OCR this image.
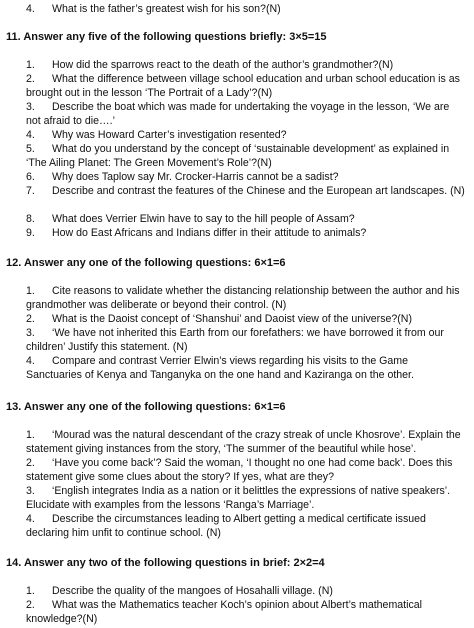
4.	What is the father’s greatest wish for his son?(N)
11. Answer any five of the following questions briefly: 3×5=15
1.	How did the sparrows react to the death of the author’s grandmother?(N)
2.	What the difference between village school education and urban school education is as brought out in the lesson ‘The Portrait of a Lady’?(N)
3.	Describe the boat which was made for undertaking the voyage in the lesson, ‘We are not afraid to die….’
4.	Why was Howard Carter’s investigation resented?
5.	What do you understand by the concept of ‘sustainable development’ as explained in ‘The Ailing Planet: The Green Movement’s Role’?(N)
6.	Why does Taplow say Mr. Crocker-Harris cannot be a sadist?
7.	Describe and contrast the features of the Chinese and the European art landscapes. (N)
8.	What does Verrier Elwin have to say to the hill people of Assam?
9.	How do East Africans and Indians differ in their attitude to animals?
12. Answer any one of the following questions: 6×1=6
1.	Cite reasons to validate whether the distancing relationship between the author and his grandmother was deliberate or beyond their control. (N)
2.	What is the Daoist concept of ‘Shanshui’ and Daoist view of the universe?(N)
3.	‘We have not inherited this Earth from our forefathers: we have borrowed it from our children’ Justify this statement. (N)
4.	Compare and contrast Verrier Elwin’s views regarding his visits to the Game Sanctuaries of Kenya and Tanganyka on the one hand and Kaziranga on the other.
13. Answer any one of the following questions: 6×1=6
1.	‘Mourad was the natural descendant of the crazy streak of uncle Khosrove’. Explain the statement giving instances from the story, ‘The summer of the beautiful while hose’.
2.	‘Have you come back’? Said the woman, ‘I thought no one had come back’. Does this statement give some clues about the story? If yes, what are they?
3.	‘English integrates India as a nation or it belittles the expressions of native speakers’. Elucidate with examples from the lessons ‘Ranga’s Marriage’.
4.	Describe the circumstances leading to Albert getting a medical certificate issued declaring him unfit to continue school. (N)
14. Answer any two of the following questions in brief: 2×2=4
1.	Describe the quality of the mangoes of Hosahalli village. (N)
2.	What was the Mathematics teacher Koch’s opinion about Albert’s mathematical knowledge?(N)
